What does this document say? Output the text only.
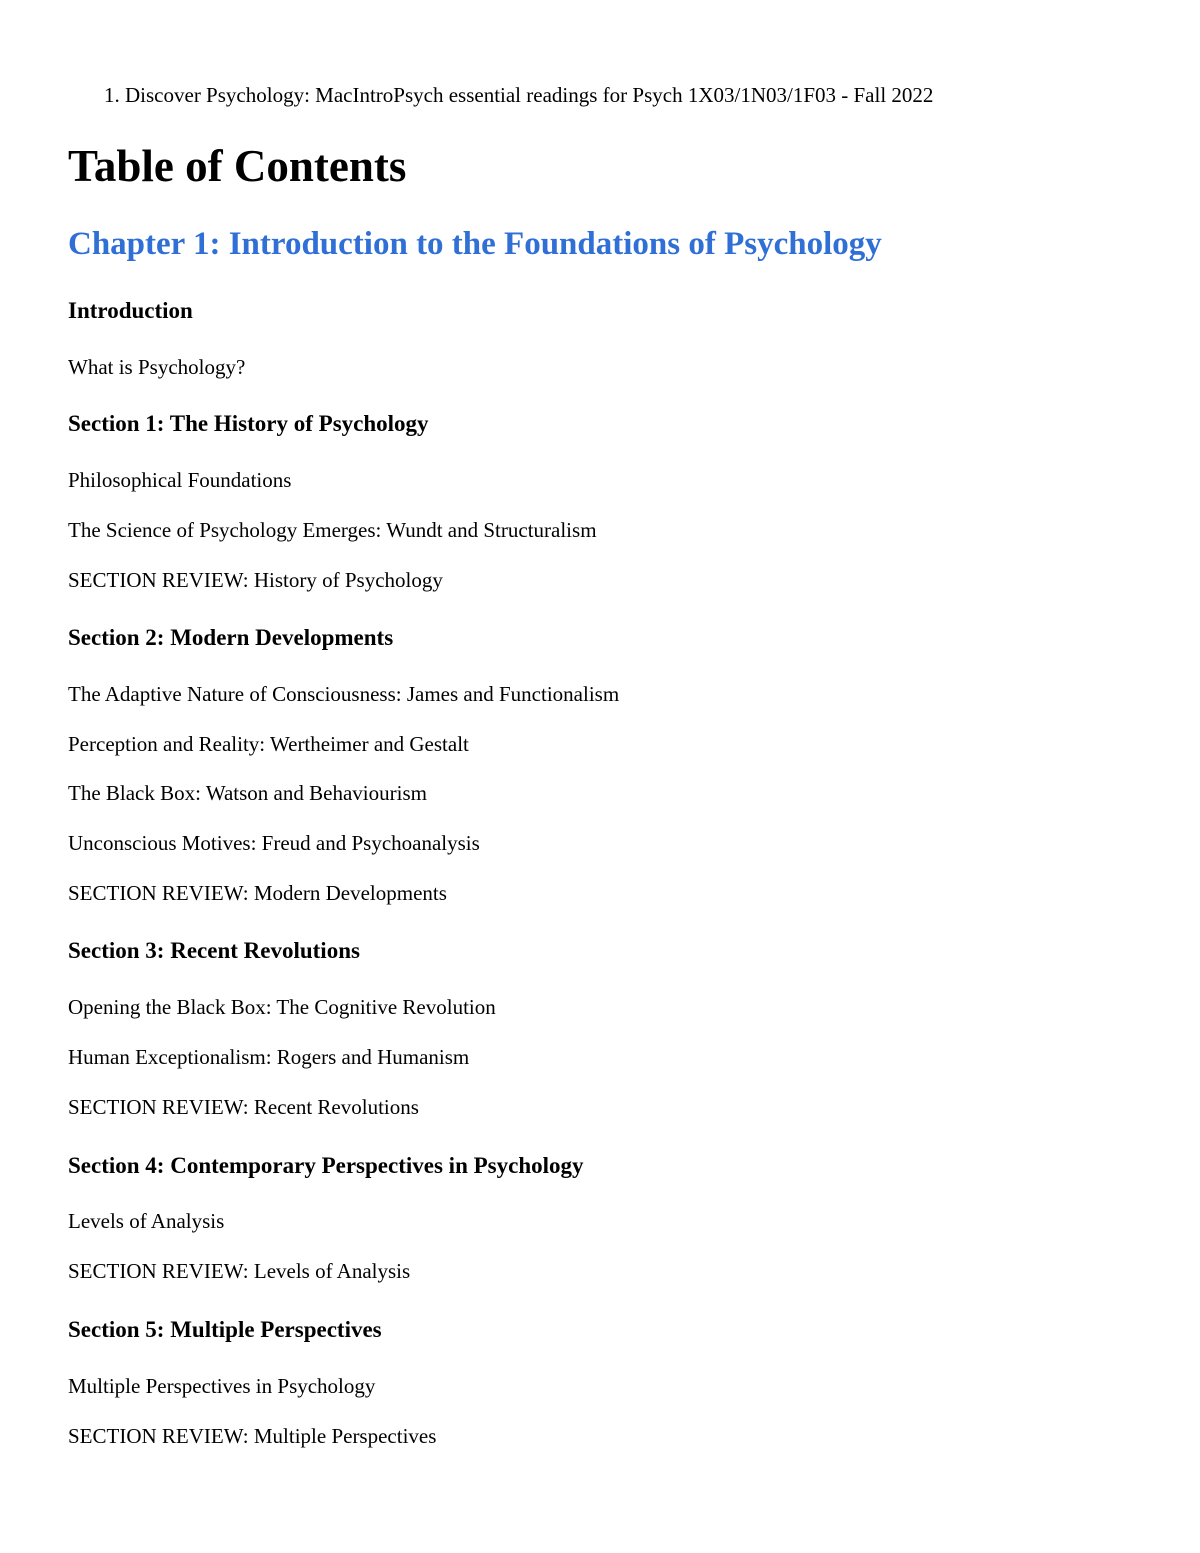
1. Discover Psychology: MacIntroPsych essential readings for Psych 1X03/1N03/1F03 - Fall 2022
Table of Contents
Chapter 1: Introduction to the Foundations of Psychology
Introduction
What is Psychology?
Section 1: The History of Psychology
Philosophical Foundations
The Science of Psychology Emerges: Wundt and Structuralism
SECTION REVIEW: History of Psychology
Section 2: Modern Developments
The Adaptive Nature of Consciousness: James and Functionalism
Perception and Reality: Wertheimer and Gestalt
The Black Box: Watson and Behaviourism
Unconscious Motives: Freud and Psychoanalysis
SECTION REVIEW: Modern Developments
Section 3: Recent Revolutions
Opening the Black Box: The Cognitive Revolution
Human Exceptionalism: Rogers and Humanism
SECTION REVIEW: Recent Revolutions
Section 4: Contemporary Perspectives in Psychology
Levels of Analysis
SECTION REVIEW: Levels of Analysis
Section 5: Multiple Perspectives
Multiple Perspectives in Psychology
SECTION REVIEW: Multiple Perspectives
